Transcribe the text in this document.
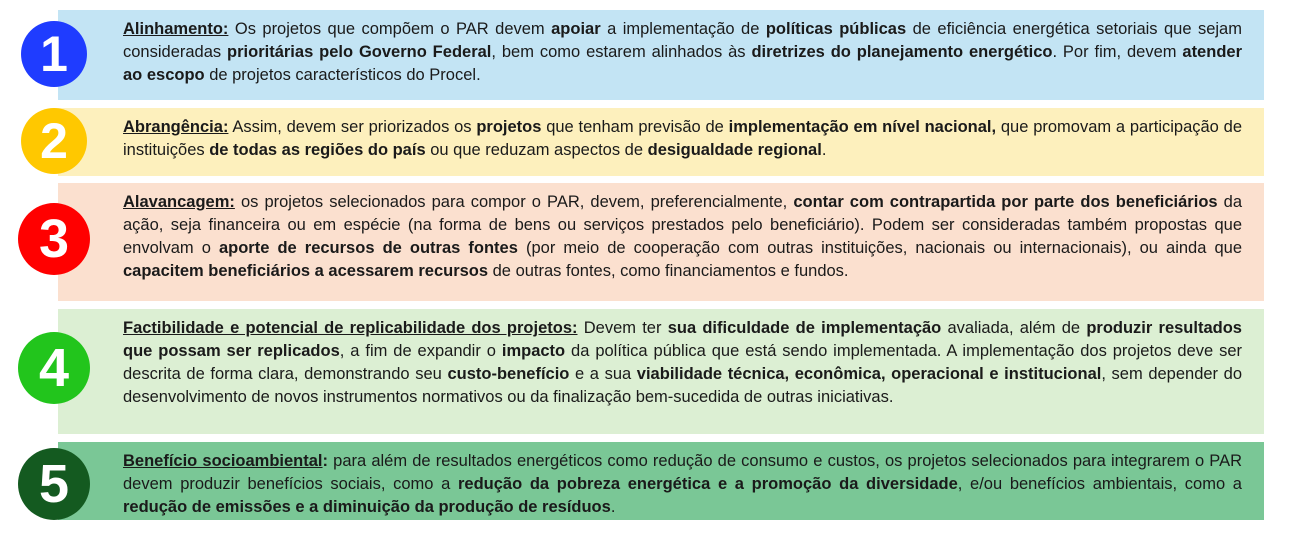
Alinhamento: Os projetos que compõem o PAR devem apoiar a implementação de políticas públicas de eficiência energética setoriais que sejam consideradas prioritárias pelo Governo Federal, bem como estarem alinhados às diretrizes do planejamento energético. Por fim, devem atender ao escopo de projetos característicos do Procel.
1
Abrangência: Assim, devem ser priorizados os projetos que tenham previsão de implementação em nível nacional, que promovam a participação de instituições de todas as regiões do país ou que reduzam aspectos de desigualdade regional.
2
Alavancagem: os projetos selecionados para compor o PAR, devem, preferencialmente, contar com contrapartida por parte dos beneficiários da ação, seja financeira ou em espécie (na forma de bens ou serviços prestados pelo beneficiário). Podem ser consideradas também propostas que envolvam o aporte de recursos de outras fontes (por meio de cooperação com outras instituições, nacionais ou internacionais), ou ainda que capacitem beneficiários a acessarem recursos de outras fontes, como financiamentos e fundos.
3
Factibilidade e potencial de replicabilidade dos projetos: Devem ter sua dificuldade de implementação avaliada, além de produzir resultados que possam ser replicados, a fim de expandir o impacto da política pública que está sendo implementada. A implementação dos projetos deve ser descrita de forma clara, demonstrando seu custo-benefício e a sua viabilidade técnica, econômica, operacional e institucional, sem depender do desenvolvimento de novos instrumentos normativos ou da finalização bem-sucedida de outras iniciativas.
4
Benefício socioambiental: para além de resultados energéticos como redução de consumo e custos, os projetos selecionados para integrarem o PAR devem produzir benefícios sociais, como a redução da pobreza energética e a promoção da diversidade, e/ou benefícios ambientais, como a redução de emissões e a diminuição da produção de resíduos.
5
